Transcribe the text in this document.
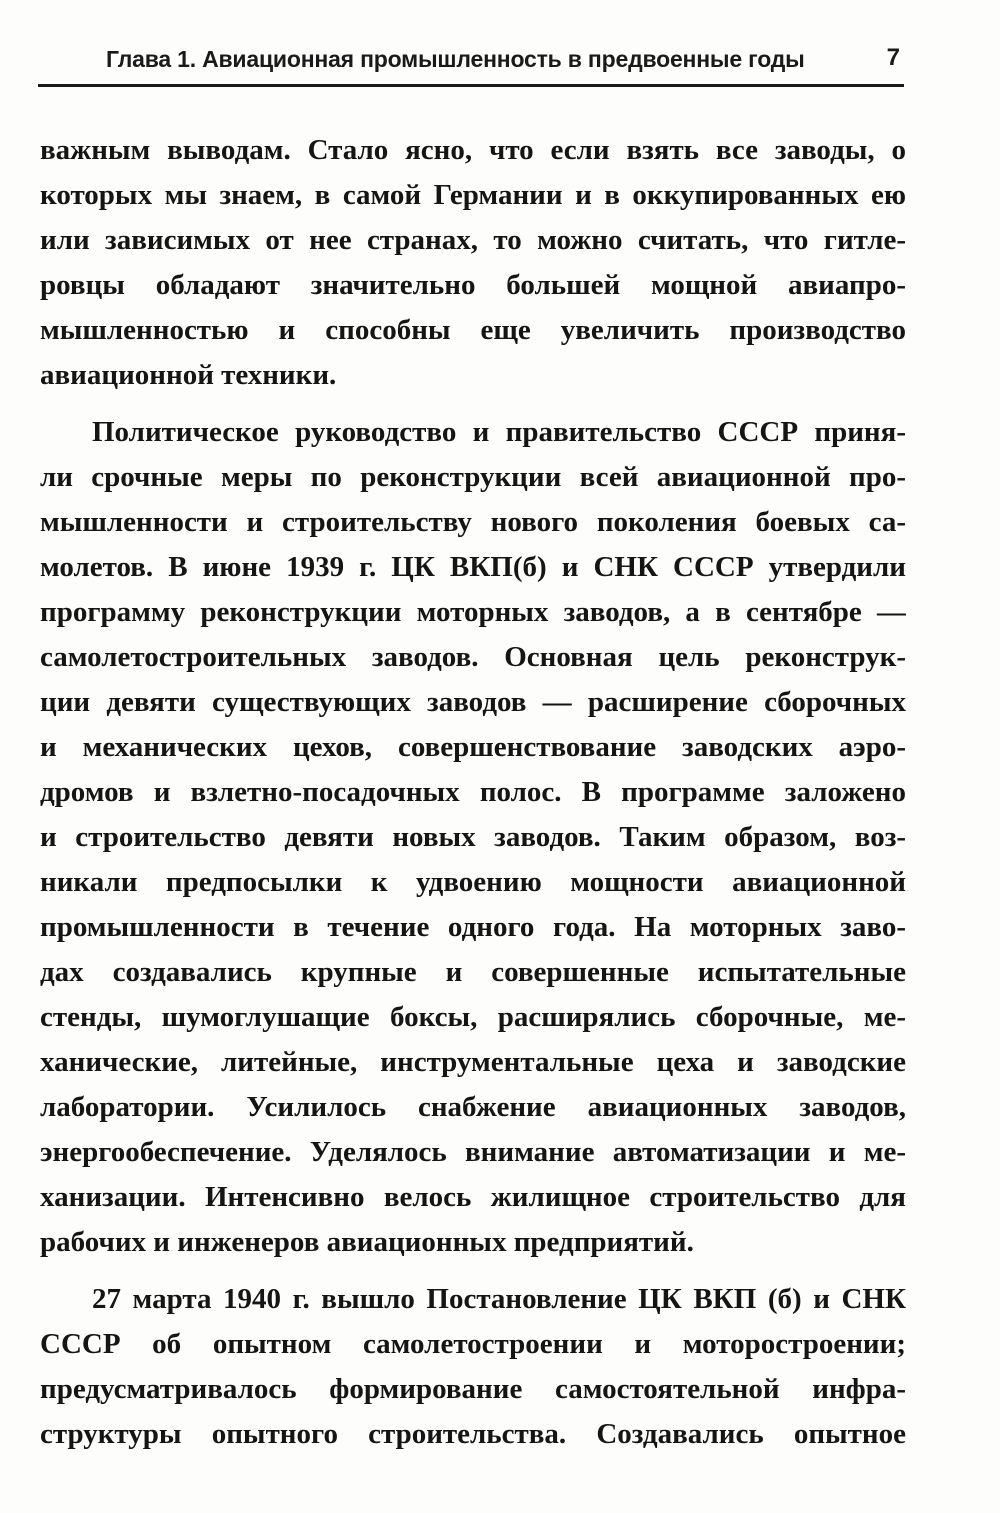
Глава 1. Авиационная промышленность в предвоенные годы	7
важным выводам. Стало ясно, что если взять все заводы, о
которых мы знаем, в самой Германии и в оккупированных ею
или зависимых от нее странах, то можно считать, что гитле-
ровцы обладают значительно большей мощной авиапро-
мышленностью и способны еще увеличить производство
авиационной техники.
Политическое руководство и правительство СССР приня-
ли срочные меры по реконструкции всей авиационной про-
мышленности и строительству нового поколения боевых са-
молетов. В июне 1939 г. ЦК ВКП(б) и СНК СССР утвердили
программу реконструкции моторных заводов, а в сентябре —
самолетостроительных заводов. Основная цель реконструк-
ции девяти существующих заводов — расширение сборочных
и механических цехов, совершенствование заводских аэро-
дромов и взлетно-посадочных полос. В программе заложено
и строительство девяти новых заводов. Таким образом, воз-
никали предпосылки к удвоению мощности авиационной
промышленности в течение одного года. На моторных заво-
дах создавались крупные и совершенные испытательные
стенды, шумоглушащие боксы, расширялись сборочные, ме-
ханические, литейные, инструментальные цеха и заводские
лаборатории. Усилилось снабжение авиационных заводов,
энергообеспечение. Уделялось внимание автоматизации и ме-
ханизации. Интенсивно велось жилищное строительство для
рабочих и инженеров авиационных предприятий.
27 марта 1940 г. вышло Постановление ЦК ВКП (б) и СНК
СССР об опытном самолетостроении и моторостроении;
предусматривалось формирование самостоятельной инфра-
структуры опытного строительства. Создавались опытное
